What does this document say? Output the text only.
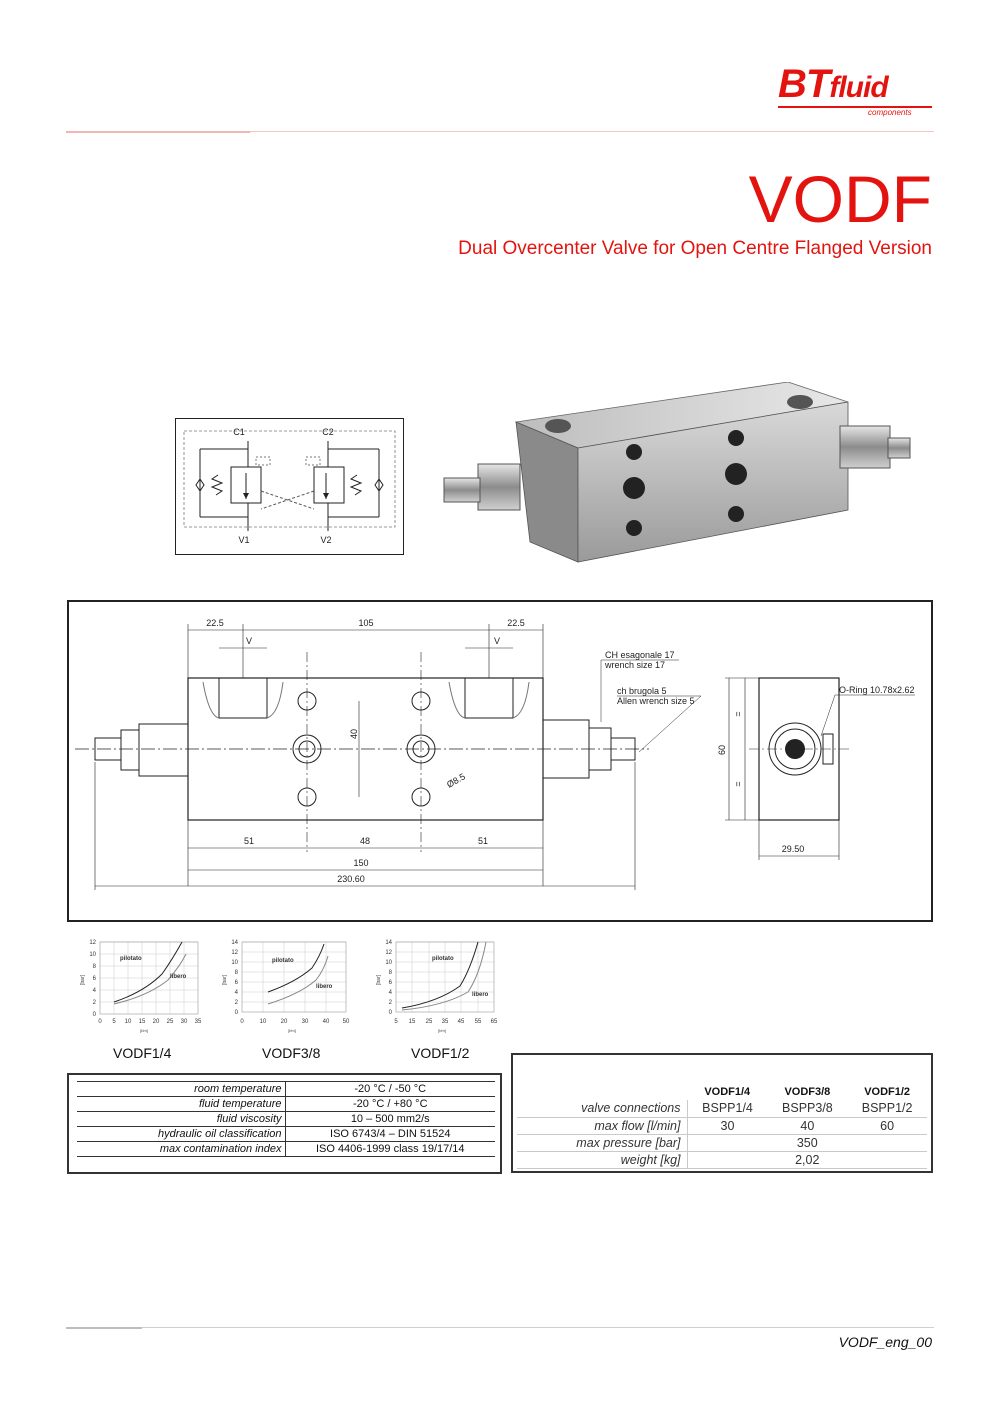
BTfluid
components
VODF
Dual Overcenter Valve for Open Centre Flanged Version
C1	C2
V1	V2
22.5	105	22.5
V	V
40
Ø8.5
51	48	51
150
230.60
CH esagonale 17
wrench size 17
ch brugola 5
Allen wrench size 5
60
=
=
29.50
O-Ring 10.78x2.62
12
10
8
6
4
2
0
0 5 10 15 20 25 30 35
[l/m]
[bar]
pilotato
libero
VODF1/4
14
12
10
8
6
4
2
0
0	10 20 30 40 50
[l/m]
[bar]
pilotato
libero
VODF3/8
14
12
10
8
6
4
2
0
5 15 25 35 45 55 65
[l/m]
[bar]
pilotato
libero
VODF1/2
room temperature	-20 °C / -50 °C
fluid temperature	-20 °C / +80 °C
fluid viscosity	10 – 500 mm2/s
hydraulic oil classification	ISO 6743/4 – DIN 51524
max contamination index	ISO 4406-1999 class 19/17/14
	VODF1/4	VODF3/8	VODF1/2
valve connections	BSPP1/4	BSPP3/8	BSPP1/2
max flow [l/min]	30	40	60
max pressure [bar]	350		
weight [kg]	2,02		
VODF_eng_00
